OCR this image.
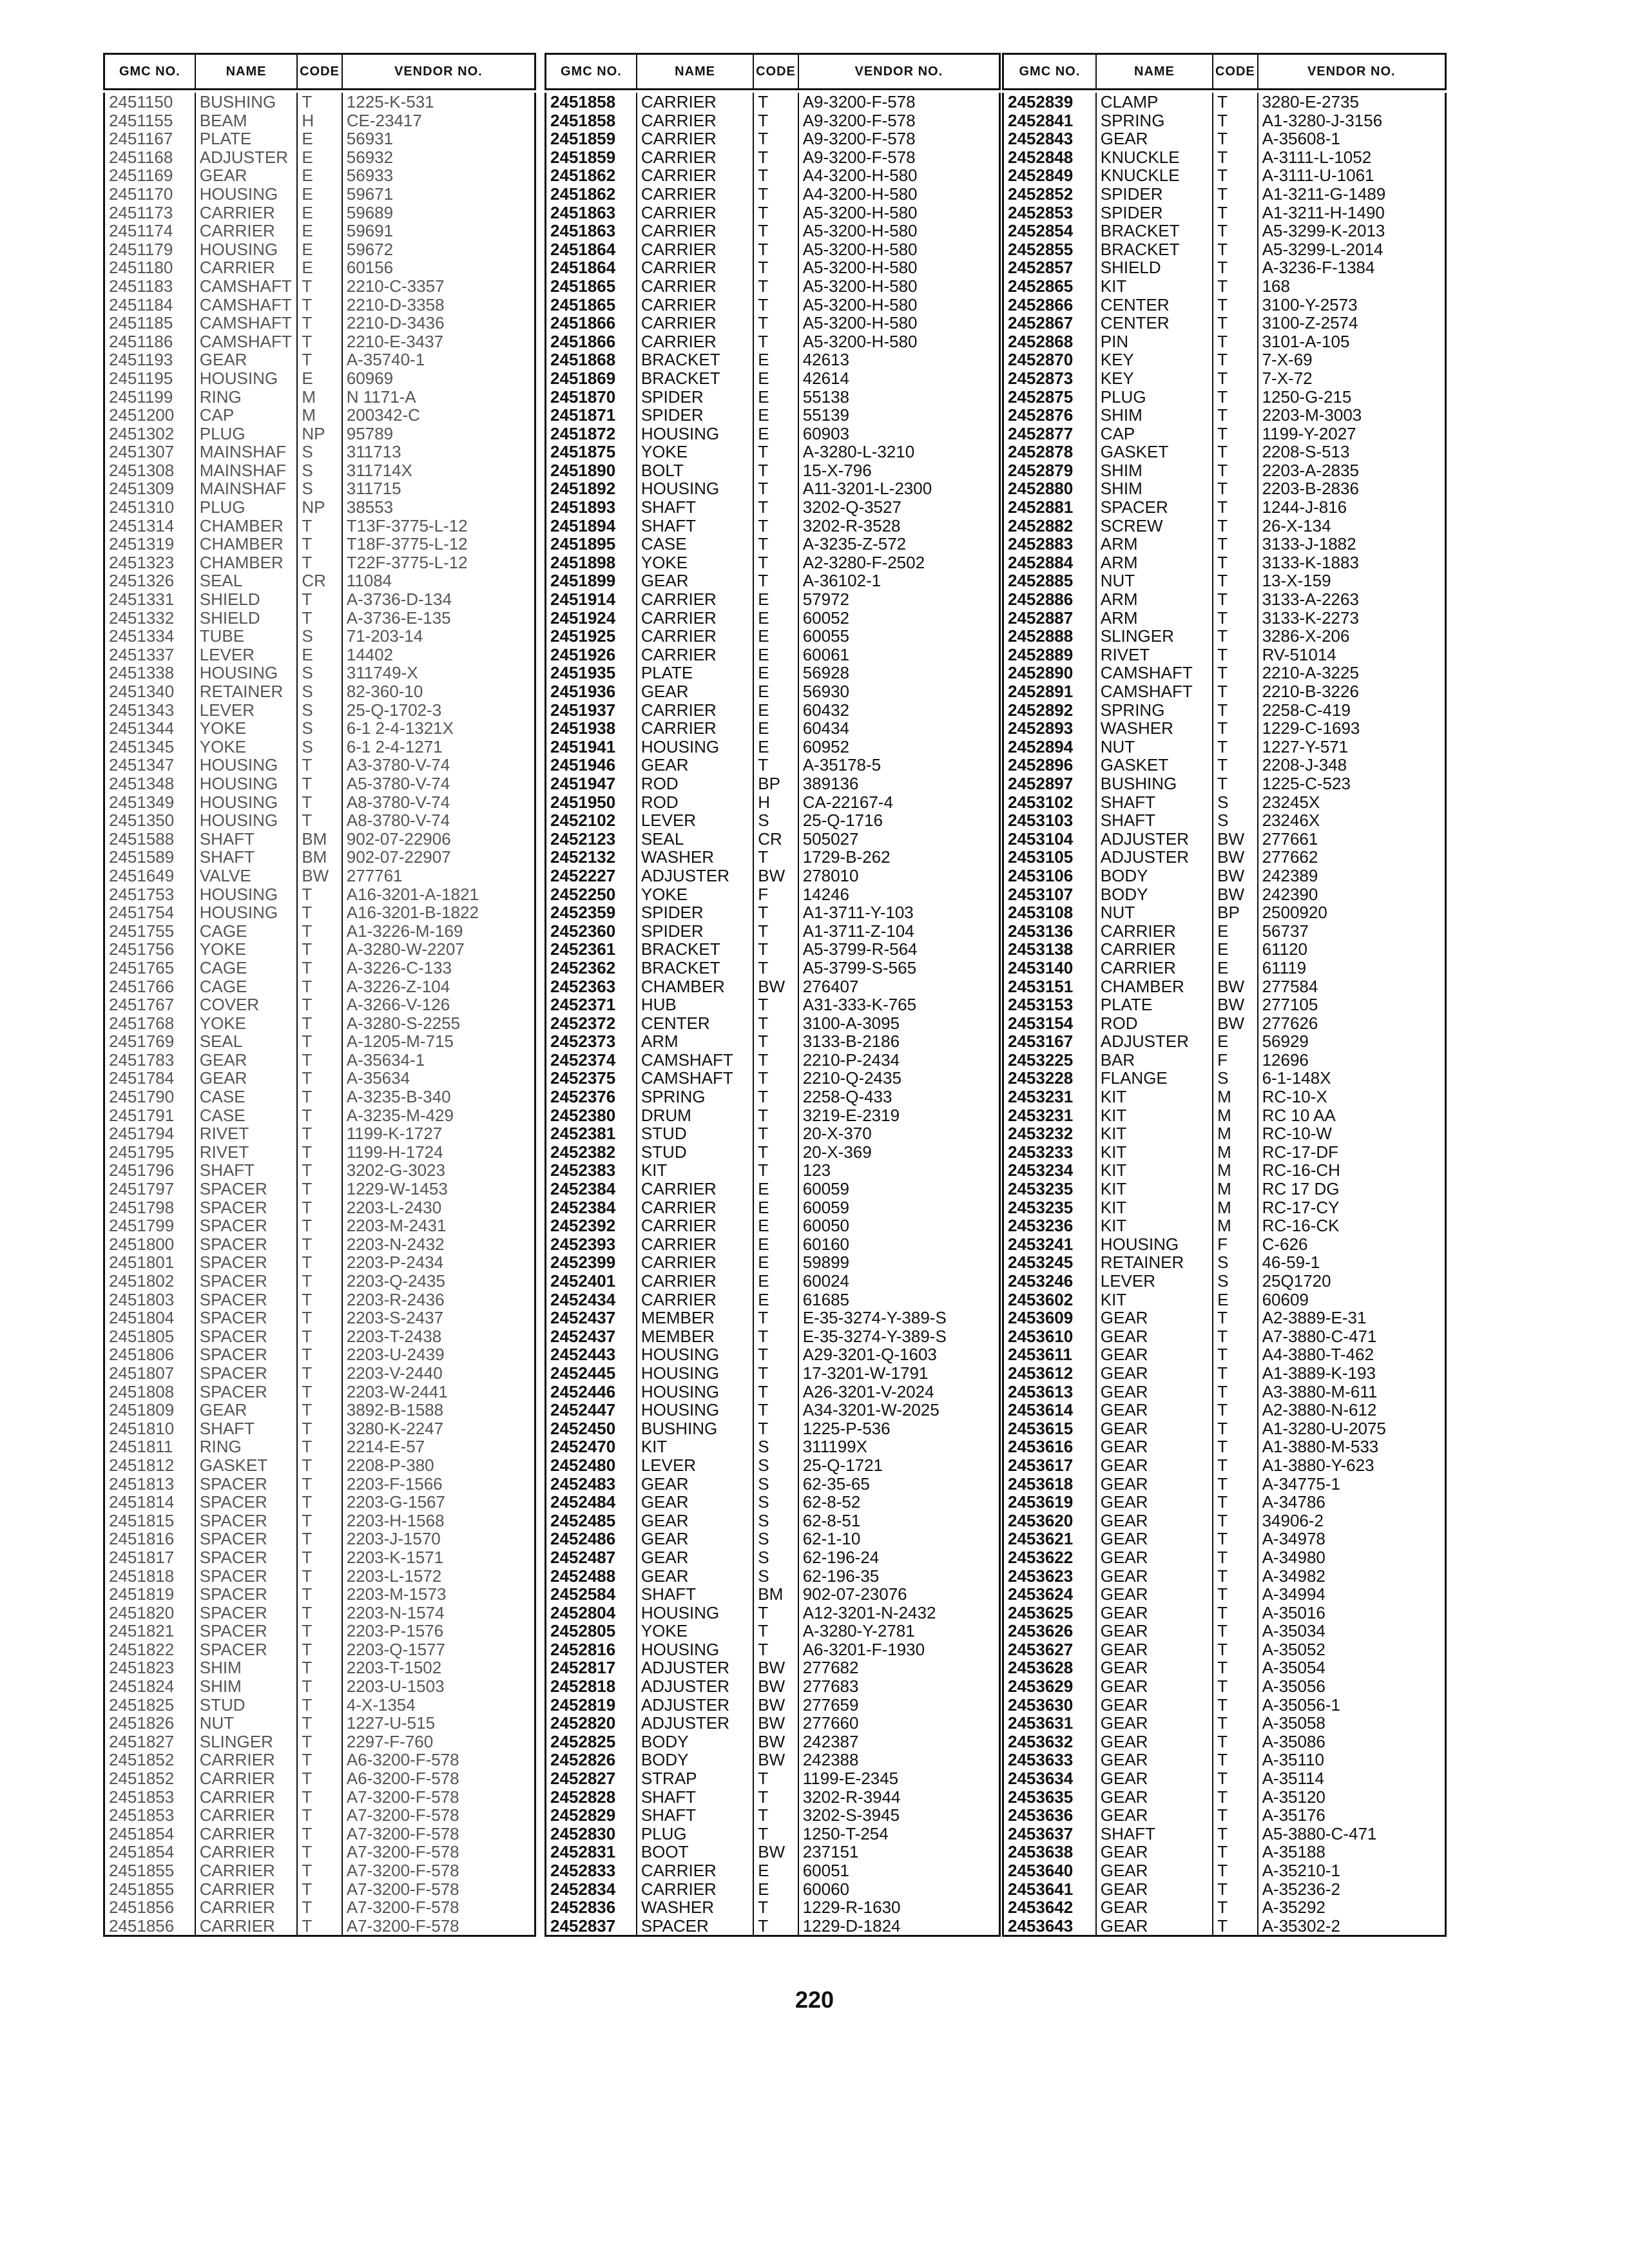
GMC NO.	NAME	CODE	VENDOR NO.
2451150	BUSHING	T	1225-K-531
2451155	BEAM	H	CE-23417
2451167	PLATE	E	56931
2451168	ADJUSTER E	56932
2451169	GEAR	E	56933
2451170	HOUSING	E	59671
2451173	CARRIER	E	59689
2451174	CARRIER	E	59691
2451179	HOUSING	E	59672
2451180	CARRIER	E	60156
2451183	CAMSHAFT T	2210-C-3357
2451184	CAMSHAFT T	2210-D-3358
2451185	CAMSHAFT T	2210-D-3436
2451186	CAMSHAFT T	2210-E-3437
2451193	GEAR	T	A-35740-1
2451195	HOUSING	E	60969
2451199	RING	M	N 1171-A
2451200	CAP	M	200342-C
2451302	PLUG	NP	95789
2451307	MAINSHAF S	311713
2451308	MAINSHAF S	311714X
2451309	MAINSHAF S	311715
2451310	PLUG	NP	38553
2451314	CHAMBER	T	T13F-3775-L-12
2451319	CHAMBER	T	T18F-3775-L-12
2451323	CHAMBER	T	T22F-3775-L-12
2451326	SEAL	CR	11084
2451331	SHIELD	T	A-3736-D-134
2451332	SHIELD	T	A-3736-E-135
2451334	TUBE	S	71-203-14
2451337	LEVER	E	14402
2451338	HOUSING	S	311749-X
2451340	RETAINER	S	82-360-10
2451343	LEVER	S	25-Q-1702-3
2451344	YOKE	S	6-1 2-4-1321X
2451345	YOKE	S	6-1 2-4-1271
2451347	HOUSING	T	A3-3780-V-74
2451348	HOUSING	T	A5-3780-V-74
2451349	HOUSING	T	A8-3780-V-74
2451350	HOUSING	T	A8-3780-V-74
2451588	SHAFT	BM	902-07-22906
2451589	SHAFT	BM	902-07-22907
2451649	VALVE	BW	277761
2451753	HOUSING	T	A16-3201-A-1821
2451754	HOUSING	T	A16-3201-B-1822
2451755	CAGE	T	A1-3226-M-169
2451756	YOKE	T	A-3280-W-2207
2451765	CAGE	T	A-3226-C-133
2451766	CAGE	T	A-3226-Z-104
2451767	COVER	T	A-3266-V-126
2451768	YOKE	T	A-3280-S-2255
2451769	SEAL	T	A-1205-M-715
2451783	GEAR	T	A-35634-1
2451784	GEAR	T	A-35634
2451790	CASE	T	A-3235-B-340
2451791	CASE	T	A-3235-M-429
2451794	RIVET	T	1199-K-1727
2451795	RIVET	T	1199-H-1724
2451796	SHAFT	T	3202-G-3023
2451797	SPACER	T	1229-W-1453
2451798	SPACER	T	2203-L-2430
2451799	SPACER	T	2203-M-2431
2451800	SPACER	T	2203-N-2432
2451801	SPACER	T	2203-P-2434
2451802	SPACER	T	2203-Q-2435
2451803	SPACER	T	2203-R-2436
2451804	SPACER	T	2203-S-2437
2451805	SPACER	T	2203-T-2438
2451806	SPACER	T	2203-U-2439
2451807	SPACER	T	2203-V-2440
2451808	SPACER	T	2203-W-2441
2451809	GEAR	T	3892-B-1588
2451810	SHAFT	T	3280-K-2247
2451811	RING	T	2214-E-57
2451812	GASKET	T	2208-P-380
2451813	SPACER	T	2203-F-1566
2451814	SPACER	T	2203-G-1567
2451815	SPACER	T	2203-H-1568
2451816	SPACER	T	2203-J-1570
2451817	SPACER	T	2203-K-1571
2451818	SPACER	T	2203-L-1572
2451819	SPACER	T	2203-M-1573
2451820	SPACER	T	2203-N-1574
2451821	SPACER	T	2203-P-1576
2451822	SPACER	T	2203-Q-1577
2451823	SHIM	T	2203-T-1502
2451824	SHIM	T	2203-U-1503
2451825	STUD	T	4-X-1354
2451826	NUT	T	1227-U-515
2451827	SLINGER	T	2297-F-760
2451852	CARRIER	T	A6-3200-F-578
2451852	CARRIER	T	A6-3200-F-578
2451853	CARRIER	T	A7-3200-F-578
2451853	CARRIER	T	A7-3200-F-578
2451854	CARRIER	T	A7-3200-F-578
2451854	CARRIER	T	A7-3200-F-578
2451855	CARRIER	T	A7-3200-F-578
2451855	CARRIER	T	A7-3200-F-578
2451856	CARRIER	T	A7-3200-F-578
2451856	CARRIER	T	A7-3200-F-578
GMC NO.	NAME	CODE	VENDOR NO.
2451858	CARRIER	T	A9-3200-F-578
2451858	CARRIER	T	A9-3200-F-578
2451859	CARRIER	T	A9-3200-F-578
2451859	CARRIER	T	A9-3200-F-578
2451862	CARRIER	T	A4-3200-H-580
2451862	CARRIER	T	A4-3200-H-580
2451863	CARRIER	T	A5-3200-H-580
2451863	CARRIER	T	A5-3200-H-580
2451864	CARRIER	T	A5-3200-H-580
2451864	CARRIER	T	A5-3200-H-580
2451865	CARRIER	T	A5-3200-H-580
2451865	CARRIER	T	A5-3200-H-580
2451866	CARRIER	T	A5-3200-H-580
2451866	CARRIER	T	A5-3200-H-580
2451868	BRACKET	E	42613
2451869	BRACKET	E	42614
2451870	SPIDER	E	55138
2451871	SPIDER	E	55139
2451872	HOUSING	E	60903
2451875	YOKE	T	A-3280-L-3210
2451890	BOLT	T	15-X-796
2451892	HOUSING	T	A11-3201-L-2300
2451893	SHAFT	T	3202-Q-3527
2451894	SHAFT	T	3202-R-3528
2451895	CASE	T	A-3235-Z-572
2451898	YOKE	T	A2-3280-F-2502
2451899	GEAR	T	A-36102-1
2451914	CARRIER	E	57972
2451924	CARRIER	E	60052
2451925	CARRIER	E	60055
2451926	CARRIER	E	60061
2451935	PLATE	E	56928
2451936	GEAR	E	56930
2451937	CARRIER	E	60432
2451938	CARRIER	E	60434
2451941	HOUSING	E	60952
2451946	GEAR	T	A-35178-5
2451947	ROD	BP	389136
2451950	ROD	H	CA-22167-4
2452102	LEVER	S	25-Q-1716
2452123	SEAL	CR	505027
2452132	WASHER	T	1729-B-262
2452227	ADJUSTER	BW	278010
2452250	YOKE	F	14246
2452359	SPIDER	T	A1-3711-Y-103
2452360	SPIDER	T	A1-3711-Z-104
2452361	BRACKET	T	A5-3799-R-564
2452362	BRACKET	T	A5-3799-S-565
2452363	CHAMBER	BW	276407
2452371	HUB	T	A31-333-K-765
2452372	CENTER	T	3100-A-3095
2452373	ARM	T	3133-B-2186
2452374	CAMSHAFT	T	2210-P-2434
2452375	CAMSHAFT	T	2210-Q-2435
2452376	SPRING	T	2258-Q-433
2452380	DRUM	T	3219-E-2319
2452381	STUD	T	20-X-370
2452382	STUD	T	20-X-369
2452383	KIT	T	123
2452384	CARRIER	E	60059
2452384	CARRIER	E	60059
2452392	CARRIER	E	60050
2452393	CARRIER	E	60160
2452399	CARRIER	E	59899
2452401	CARRIER	E	60024
2452434	CARRIER	E	61685
2452437	MEMBER	T	E-35-3274-Y-389-S
2452437	MEMBER	T	E-35-3274-Y-389-S
2452443	HOUSING	T	A29-3201-Q-1603
2452445	HOUSING	T	17-3201-W-1791
2452446	HOUSING	T	A26-3201-V-2024
2452447	HOUSING	T	A34-3201-W-2025
2452450	BUSHING	T	1225-P-536
2452470	KIT	S	311199X
2452480	LEVER	S	25-Q-1721
2452483	GEAR	S	62-35-65
2452484	GEAR	S	62-8-52
2452485	GEAR	S	62-8-51
2452486	GEAR	S	62-1-10
2452487	GEAR	S	62-196-24
2452488	GEAR	S	62-196-35
2452584	SHAFT	BM	902-07-23076
2452804	HOUSING	T	A12-3201-N-2432
2452805	YOKE	T	A-3280-Y-2781
2452816	HOUSING	T	A6-3201-F-1930
2452817	ADJUSTER	BW	277682
2452818	ADJUSTER	BW	277683
2452819	ADJUSTER	BW	277659
2452820	ADJUSTER	BW	277660
2452825	BODY	BW	242387
2452826	BODY	BW	242388
2452827	STRAP	T	1199-E-2345
2452828	SHAFT	T	3202-R-3944
2452829	SHAFT	T	3202-S-3945
2452830	PLUG	T	1250-T-254
2452831	BOOT	BW	237151
2452833	CARRIER	E	60051
2452834	CARRIER	E	60060
2452836	WASHER	T	1229-R-1630
2452837	SPACER	T	1229-D-1824
GMC NO.	NAME	CODE	VENDOR NO.
2452839	CLAMP	T	3280-E-2735
2452841	SPRING	T	A1-3280-J-3156
2452843	GEAR	T	A-35608-1
2452848	KNUCKLE	T	A-3111-L-1052
2452849	KNUCKLE	T	A-3111-U-1061
2452852	SPIDER	T	A1-3211-G-1489
2452853	SPIDER	T	A1-3211-H-1490
2452854	BRACKET	T	A5-3299-K-2013
2452855	BRACKET	T	A5-3299-L-2014
2452857	SHIELD	T	A-3236-F-1384
2452865	KIT	T	168
2452866	CENTER	T	3100-Y-2573
2452867	CENTER	T	3100-Z-2574
2452868	PIN	T	3101-A-105
2452870	KEY	T	7-X-69
2452873	KEY	T	7-X-72
2452875	PLUG	T	1250-G-215
2452876	SHIM	T	2203-M-3003
2452877	CAP	T	1199-Y-2027
2452878	GASKET	T	2208-S-513
2452879	SHIM	T	2203-A-2835
2452880	SHIM	T	2203-B-2836
2452881	SPACER	T	1244-J-816
2452882	SCREW	T	26-X-134
2452883	ARM	T	3133-J-1882
2452884	ARM	T	3133-K-1883
2452885	NUT	T	13-X-159
2452886	ARM	T	3133-A-2263
2452887	ARM	T	3133-K-2273
2452888	SLINGER	T	3286-X-206
2452889	RIVET	T	RV-51014
2452890	CAMSHAFT	T	2210-A-3225
2452891	CAMSHAFT	T	2210-B-3226
2452892	SPRING	T	2258-C-419
2452893	WASHER	T	1229-C-1693
2452894	NUT	T	1227-Y-571
2452896	GASKET	T	2208-J-348
2452897	BUSHING	T	1225-C-523
2453102	SHAFT	S	23245X
2453103	SHAFT	S	23246X
2453104	ADJUSTER	BW	277661
2453105	ADJUSTER	BW	277662
2453106	BODY	BW	242389
2453107	BODY	BW	242390
2453108	NUT	BP	2500920
2453136	CARRIER	E	56737
2453138	CARRIER	E	61120
2453140	CARRIER	E	61119
2453151	CHAMBER	BW	277584
2453153	PLATE	BW	277105
2453154	ROD	BW	277626
2453167	ADJUSTER	E	56929
2453225	BAR	F	12696
2453228	FLANGE	S	6-1-148X
2453231	KIT	M	RC-10-X
2453231	KIT	M	RC 10 AA
2453232	KIT	M	RC-10-W
2453233	KIT	M	RC-17-DF
2453234	KIT	M	RC-16-CH
2453235	KIT	M	RC 17 DG
2453235	KIT	M	RC-17-CY
2453236	KIT	M	RC-16-CK
2453241	HOUSING	F	C-626
2453245	RETAINER	S	46-59-1
2453246	LEVER	S	25Q1720
2453602	KIT	E	60609
2453609	GEAR	T	A2-3889-E-31
2453610	GEAR	T	A7-3880-C-471
2453611	GEAR	T	A4-3880-T-462
2453612	GEAR	T	A1-3889-K-193
2453613	GEAR	T	A3-3880-M-611
2453614	GEAR	T	A2-3880-N-612
2453615	GEAR	T	A1-3280-U-2075
2453616	GEAR	T	A1-3880-M-533
2453617	GEAR	T	A1-3880-Y-623
2453618	GEAR	T	A-34775-1
2453619	GEAR	T	A-34786
2453620	GEAR	T	34906-2
2453621	GEAR	T	A-34978
2453622	GEAR	T	A-34980
2453623	GEAR	T	A-34982
2453624	GEAR	T	A-34994
2453625	GEAR	T	A-35016
2453626	GEAR	T	A-35034
2453627	GEAR	T	A-35052
2453628	GEAR	T	A-35054
2453629	GEAR	T	A-35056
2453630	GEAR	T	A-35056-1
2453631	GEAR	T	A-35058
2453632	GEAR	T	A-35086
2453633	GEAR	T	A-35110
2453634	GEAR	T	A-35114
2453635	GEAR	T	A-35120
2453636	GEAR	T	A-35176
2453637	SHAFT	T	A5-3880-C-471
2453638	GEAR	T	A-35188
2453640	GEAR	T	A-35210-1
2453641	GEAR	T	A-35236-2
2453642	GEAR	T	A-35292
2453643	GEAR	T	A-35302-2
220
